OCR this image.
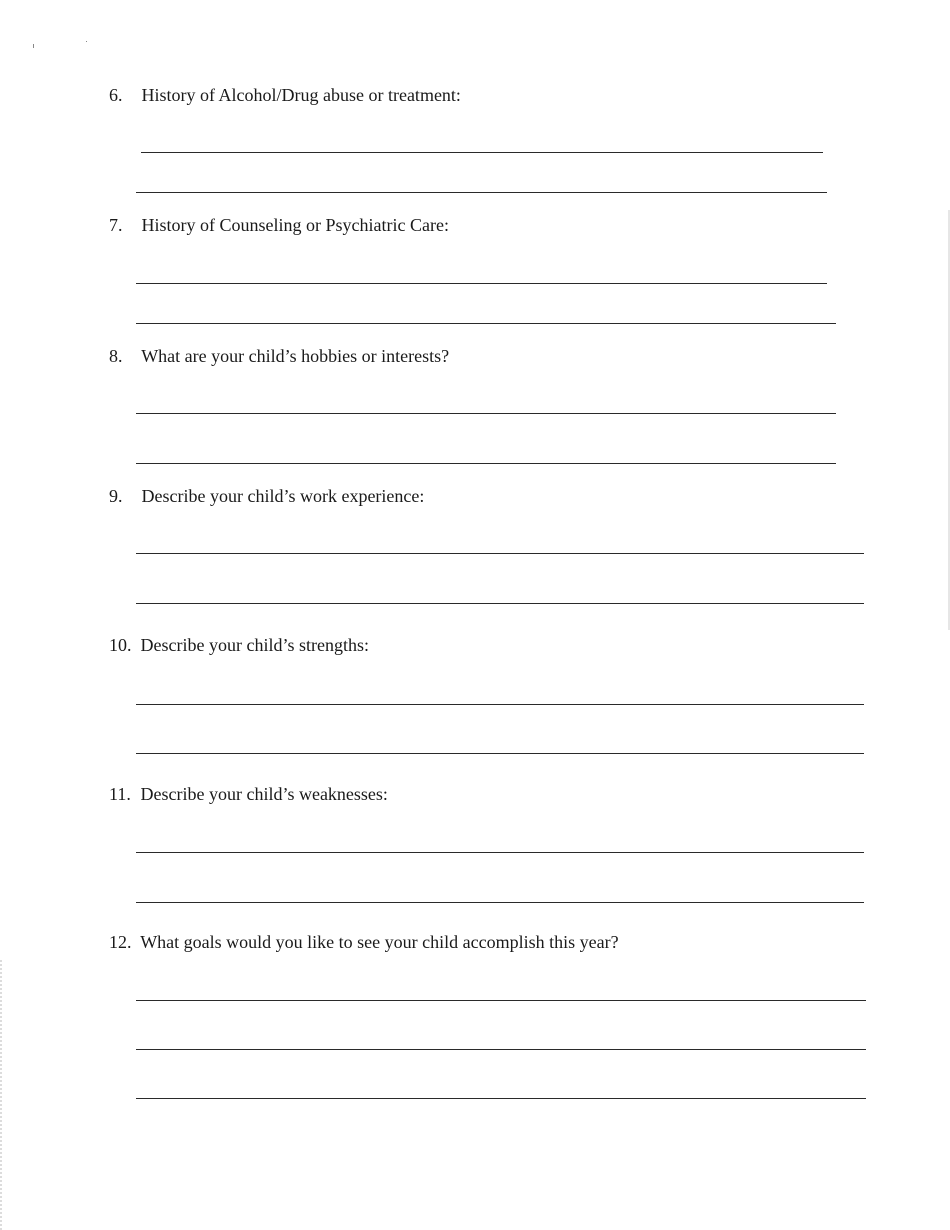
6. History of Alcohol/Drug abuse or treatment:
7. History of Counseling or Psychiatric Care:
8. What are your child’s hobbies or interests?
9. Describe your child’s work experience:
10. Describe your child’s strengths:
11. Describe your child’s weaknesses:
12. What goals would you like to see your child accomplish this year?
